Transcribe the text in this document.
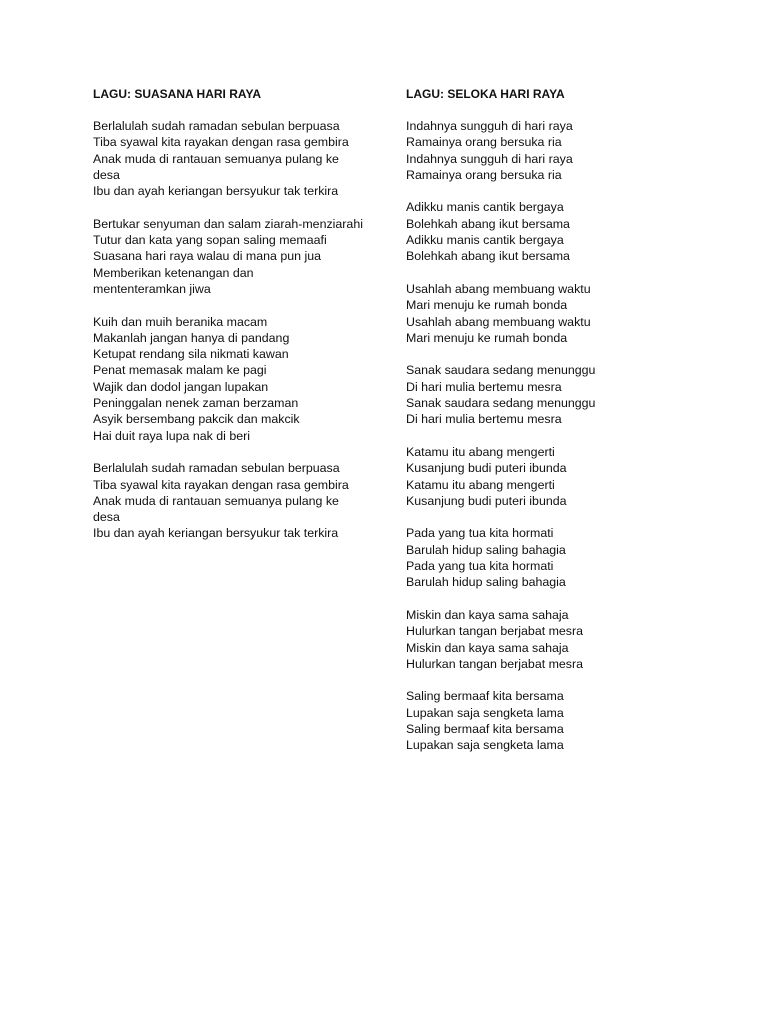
LAGU: SUASANA HARI RAYA
Berlalulah sudah ramadan sebulan berpuasa
Tiba syawal kita rayakan dengan rasa gembira
Anak muda di rantauan semuanya pulang ke desa
Ibu dan ayah keriangan bersyukur tak terkira
Bertukar senyuman dan salam ziarah-menziarahi
Tutur dan kata yang sopan saling memaafi
Suasana hari raya walau di mana pun jua
Memberikan ketenangan dan mententeramkan jiwa
Kuih dan muih beranika macam
Makanlah jangan hanya di pandang
Ketupat rendang sila nikmati kawan
Penat memasak malam ke pagi
Wajik dan dodol jangan lupakan
Peninggalan nenek zaman berzaman
Asyik bersembang pakcik dan makcik
Hai duit raya lupa nak di beri
Berlalulah sudah ramadan sebulan berpuasa
Tiba syawal kita rayakan dengan rasa gembira
Anak muda di rantauan semuanya pulang ke desa
Ibu dan ayah keriangan bersyukur tak terkira
LAGU: SELOKA HARI RAYA
Indahnya sungguh di hari raya
Ramainya orang bersuka ria
Indahnya sungguh di hari raya
Ramainya orang bersuka ria
Adikku manis cantik bergaya
Bolehkah abang ikut bersama
Adikku manis cantik bergaya
Bolehkah abang ikut bersama
Usahlah abang membuang waktu
Mari menuju ke rumah bonda
Usahlah abang membuang waktu
Mari menuju ke rumah bonda
Sanak saudara sedang menunggu
Di hari mulia bertemu mesra
Sanak saudara sedang menunggu
Di hari mulia bertemu mesra
Katamu itu abang mengerti
Kusanjung budi puteri ibunda
Katamu itu abang mengerti
Kusanjung budi puteri ibunda
Pada yang tua kita hormati
Barulah hidup saling bahagia
Pada yang tua kita hormati
Barulah hidup saling bahagia
Miskin dan kaya sama sahaja
Hulurkan tangan berjabat mesra
Miskin dan kaya sama sahaja
Hulurkan tangan berjabat mesra
Saling bermaaf kita bersama
Lupakan saja sengketa lama
Saling bermaaf kita bersama
Lupakan saja sengketa lama
